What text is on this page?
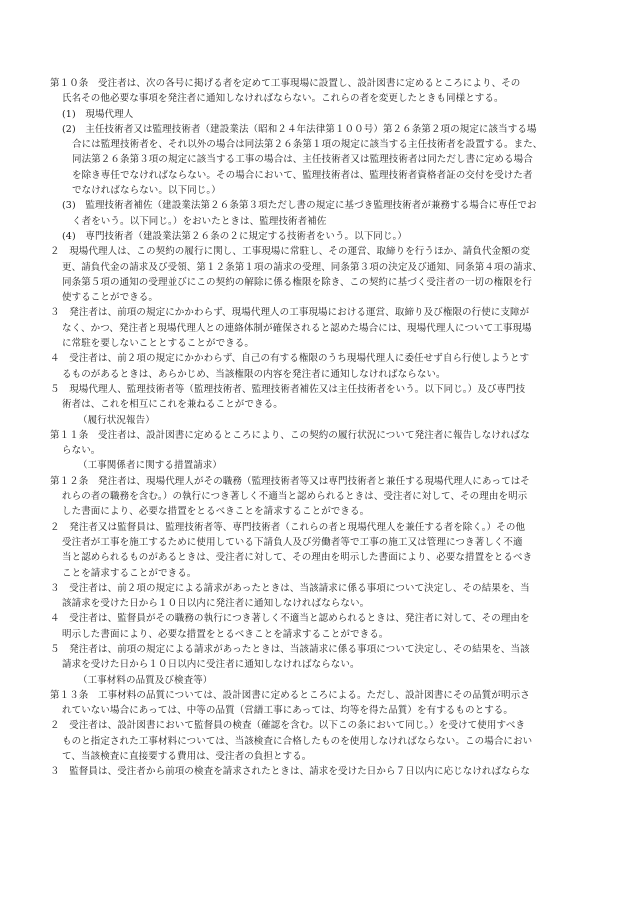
第１０条　受注者は、次の各号に掲げる者を定めて工事現場に設置し、設計図書に定めるところにより、その
氏名その他必要な事項を発注者に通知しなければならない。これらの者を変更したときも同様とする。
(1)　現場代理人
(2)　主任技術者又は監理技術者（建設業法（昭和２４年法律第１００号）第２６条第２項の規定に該当する場
合には監理技術者を、それ以外の場合は同法第２６条第１項の規定に該当する主任技術者を設置する。また、
同法第２６条第３項の規定に該当する工事の場合は、主任技術者又は監理技術者は同ただし書に定める場合
を除き専任でなければならない。その場合において、監理技術者は、監理技術者資格者証の交付を受けた者
でなければならない。以下同じ。）
(3)　監理技術者補佐（建設業法第２６条第３項ただし書の規定に基づき監理技術者が兼務する場合に専任でお
く者をいう。以下同じ。）をおいたときは、監理技術者補佐
(4)　専門技術者（建設業法第２６条の２に規定する技術者をいう。以下同じ。）
２　現場代理人は、この契約の履行に関し、工事現場に常駐し、その運営、取締りを行うほか、請負代金額の変
更、請負代金の請求及び受領、第１２条第１項の請求の受理、同条第３項の決定及び通知、同条第４項の請求、
同条第５項の通知の受理並びにこの契約の解除に係る権限を除き、この契約に基づく受注者の一切の権限を行
使することができる。
３　発注者は、前項の規定にかかわらず、現場代理人の工事現場における運営、取締り及び権限の行使に支障が
なく、かつ、発注者と現場代理人との連絡体制が確保されると認めた場合には、現場代理人について工事現場
に常駐を要しないこととすることができる。
４　受注者は、前２項の規定にかかわらず、自己の有する権限のうち現場代理人に委任せず自ら行使しようとす
るものがあるときは、あらかじめ、当該権限の内容を発注者に通知しなければならない。
５　現場代理人、監理技術者等（監理技術者、監理技術者補佐又は主任技術者をいう。以下同じ。）及び専門技
術者は、これを相互にこれを兼ねることができる。
（履行状況報告）
第１１条　受注者は、設計図書に定めるところにより、この契約の履行状況について発注者に報告しなければな
らない。
（工事関係者に関する措置請求）
第１２条　発注者は、現場代理人がその職務（監理技術者等又は専門技術者と兼任する現場代理人にあってはそ
れらの者の職務を含む。）の執行につき著しく不適当と認められるときは、受注者に対して、その理由を明示
した書面により、必要な措置をとるべきことを請求することができる。
２　発注者又は監督員は、監理技術者等、専門技術者（これらの者と現場代理人を兼任する者を除く。）その他
受注者が工事を施工するために使用している下請負人及び労働者等で工事の施工又は管理につき著しく不適
当と認められるものがあるときは、受注者に対して、その理由を明示した書面により、必要な措置をとるべき
ことを請求することができる。
３　受注者は、前２項の規定による請求があったときは、当該請求に係る事項について決定し、その結果を、当
該請求を受けた日から１０日以内に発注者に通知しなければならない。
４　受注者は、監督員がその職務の執行につき著しく不適当と認められるときは、発注者に対して、その理由を
明示した書面により、必要な措置をとるべきことを請求することができる。
５　発注者は、前項の規定による請求があったときは、当該請求に係る事項について決定し、その結果を、当該
請求を受けた日から１０日以内に受注者に通知しなければならない。
（工事材料の品質及び検査等）
第１３条　工事材料の品質については、設計図書に定めるところによる。ただし、設計図書にその品質が明示さ
れていない場合にあっては、中等の品質（営繕工事にあっては、均等を得た品質）を有するものとする。
２　受注者は、設計図書において監督員の検査（確認を含む。以下この条において同じ。）を受けて使用すべき
ものと指定された工事材料については、当該検査に合格したものを使用しなければならない。この場合におい
て、当該検査に直接要する費用は、受注者の負担とする。
３　監督員は、受注者から前項の検査を請求されたときは、請求を受けた日から７日以内に応じなければならな
